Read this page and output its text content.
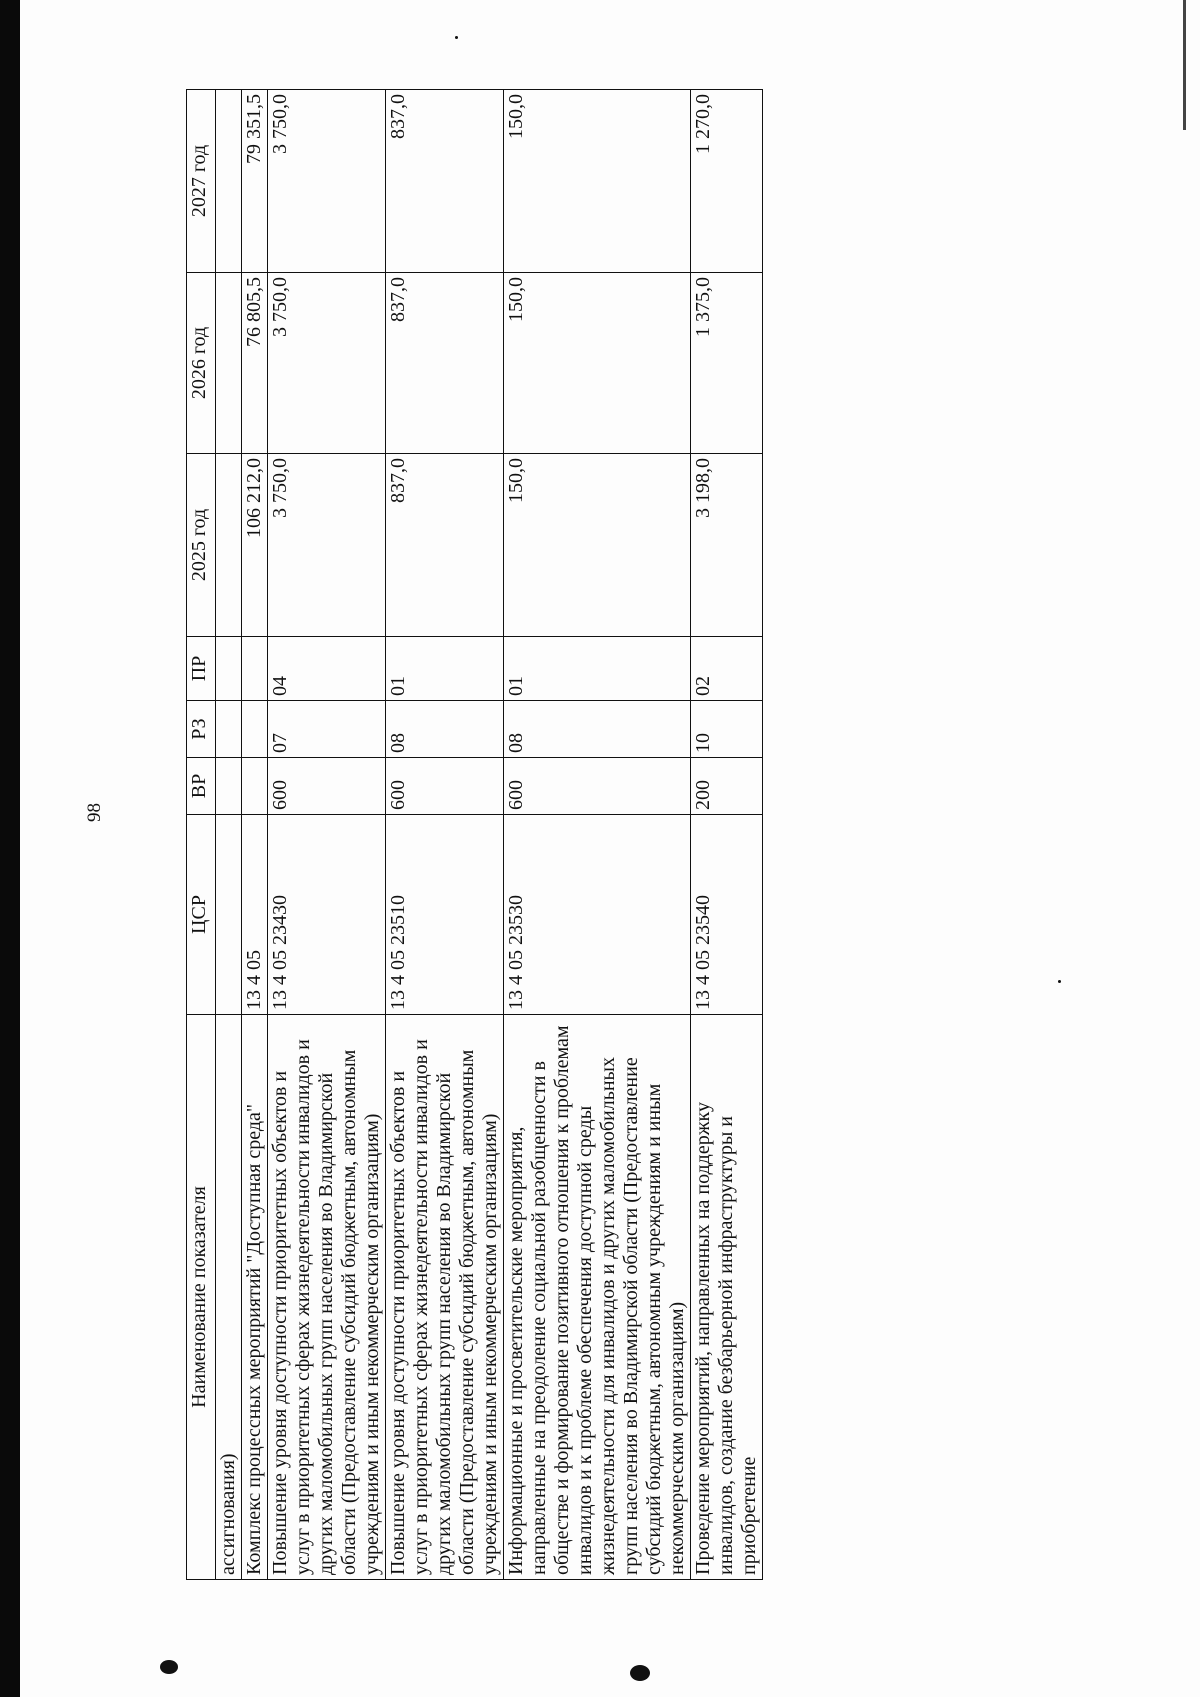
98
Наименование показателя	ЦСР	ВР	РЗ	ПР	2025 год	2026 год	2027 год
ассигнования)							
Комплекс процессных мероприятий "Доступная среда"	13 4 05				106 212,0	76 805,5	79 351,5
Повышение уровня доступности приоритетных объектов и услуг в приоритетных сферах жизнедеятельности инвалидов и других маломобильных групп населения во Владимирской области (Предоставление субсидий бюджетным, автономным учреждениям и иным некоммерческим организациям)	13 4 05 23430	600	07	04	3 750,0	3 750,0	3 750,0
Повышение уровня доступности приоритетных объектов и услуг в приоритетных сферах жизнедеятельности инвалидов и других маломобильных групп населения во Владимирской области (Предоставление субсидий бюджетным, автономным учреждениям и иным некоммерческим организациям)	13 4 05 23510	600	08	01	837,0	837,0	837,0
Информационные и просветительские мероприятия, направленные на преодоление социальной разобщенности в обществе и формирование позитивного отношения к проблемам инвалидов и к проблеме обеспечения доступной среды жизнедеятельности для инвалидов и других маломобильных групп населения во Владимирской области (Предоставление субсидий бюджетным, автономным учреждениям и иным некоммерческим организациям)	13 4 05 23530	600	08	01	150,0	150,0	150,0
Проведение мероприятий, направленных на поддержку инвалидов, создание безбарьерной инфраструктуры и приобретение	13 4 05 23540	200	10	02	3 198,0	1 375,0	1 270,0
